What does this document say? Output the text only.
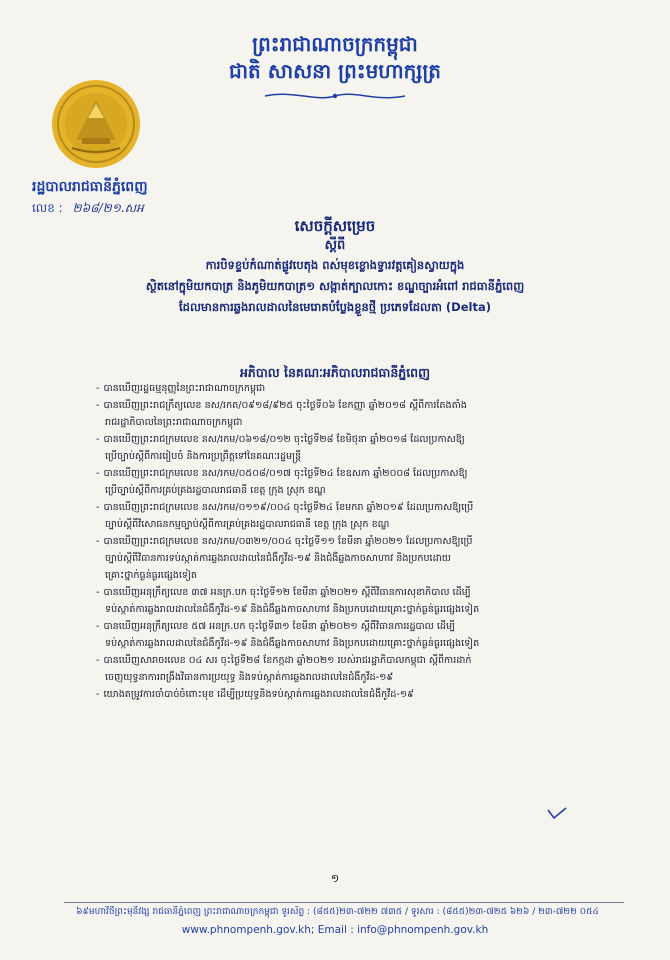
ព្រះរាជាណាចក្រកម្ពុជា
ជាតិ សាសនា ព្រះមហាក្សត្រ
រដ្ឋបាលរាជធានីភ្នំពេញ
លេខ : ២៦៨/២១.សអ
សេចក្ដីសម្រេច
ស្ដីពី
ការបិទខ្ទប់កំណាត់ផ្លូវបេតុង ពស់មុខខ្លោងទ្វារវត្តគៀនស្វាយក្នុង
ស្ថិតនៅក្នុមិយកបាត្រ និងភូមិយកបាត្រ១ សង្កាត់ក្បាលកោះ ខណ្ឌច្បារអំពៅ រាជធានីភ្នំពេញ
ដែលមានការឆ្លងរាលដាលនៃមេរោគបំប្លែងខ្លួនថ្មី ប្រភេទដែលតា (Delta)
អភិបាល នៃគណៈអភិបាលរាជធានីភ្នំពេញ
- បានឃើញរដ្ឋធម្មនុញ្ញនៃព្រះរាជាណាចក្រកម្ពុជា
- បានឃើញព្រះរាជក្រឹត្យលេខ នស/រកត/០៩១៨/៩២៥ ចុះថ្ងៃទី០៦ ខែកញ្ញា ឆ្នាំ២០១៨ ស្តីពីការតែងតាំង
រាជរដ្ឋាភិបាលនៃព្រះរាជាណាចក្រកម្ពុជា
- បានឃើញព្រះរាជក្រមលេខ នស/រកម/០៦១៨/០១២ ចុះថ្ងៃទី២៨ ខែមិថុនា ឆ្នាំ២០១៨ ដែលប្រកាសឱ្យ
ប្រើច្បាប់ស្តីពីការរៀបចំ និងការប្រព្រឹត្តទៅនៃគណៈរដ្ឋមន្ត្រី
- បានឃើញព្រះរាជក្រមលេខ នស/រកម/០៥០៨/០១៧ ចុះថ្ងៃទី២៤ ខែឧសភា ឆ្នាំ២០០៨ ដែលប្រកាសឱ្យ
ប្រើច្បាប់ស្តីពីការគ្រប់គ្រងរដ្ឋបាលរាជធានី ខេត្ត ក្រុង ស្រុក ខណ្ឌ
- បានឃើញព្រះរាជក្រមលេខ នស/រកម/០១១៩/០០៤ ចុះថ្ងៃទី២៤ ខែមករា ឆ្នាំ២០១៩ ដែលប្រកាសឱ្យប្រើ
ច្បាប់ស្តីពីវិសោធនកម្មច្បាប់ស្តីពីការគ្រប់គ្រងរដ្ឋបាលរាជធានី ខេត្ត ក្រុង ស្រុក ខណ្ឌ
- បានឃើញព្រះរាជក្រមលេខ នស/រកម/០៣២១/០០៤ ចុះថ្ងៃទី១១ ខែមីនា ឆ្នាំ២០២១ ដែលប្រកាសឱ្យប្រើ
ច្បាប់ស្តីពីវិធានការទប់ស្កាត់ការឆ្លងរាលដាលនៃជំងឺកូវីដ-១៩ និងជំងឺឆ្លងកាចសាហាវ និងប្រកបដោយ
គ្រោះថ្នាក់ធ្ងន់ធ្ងរផ្សេងទៀត
- បានឃើញអនុក្រឹត្យលេខ ៣៧ អនក្រ.បក ចុះថ្ងៃទី១២ ខែមីនា ឆ្នាំ២០២១ ស្តីពីវិធានការសុខាភិបាល ដើម្បី
ទប់ស្កាត់ការឆ្លងរាលដាលនៃជំងឺកូវីដ-១៩ និងជំងឺឆ្លងកាចសាហាវ និងប្រកបដោយគ្រោះថ្នាក់ធ្ងន់ធ្ងរផ្សេងទៀត
- បានឃើញអនុក្រឹត្យលេខ ៥៧ អនក្រ.បក ចុះថ្ងៃទី៣១ ខែមីនា ឆ្នាំ២០២១ ស្តីពីវិធានការរដ្ឋបាល ដើម្បី
ទប់ស្កាត់ការឆ្លងរាលដាលនៃជំងឺកូវីដ-១៩ និងជំងឺឆ្លងកាចសាហាវ និងប្រកបដោយគ្រោះថ្នាក់ធ្ងន់ធ្ងរផ្សេងទៀត
- បានឃើញសារាចរលេខ ០៤ សរ ចុះថ្ងៃទី២៨ ខែកក្កដា ឆ្នាំ២០២១ របស់រាជរដ្ឋាភិបាលកម្ពុជា ស្តីពីការដាក់
ចេញយុទ្ធនាការពង្រឹងវិធានការប្រយុទ្ធ និងទប់ស្កាត់ការឆ្លងរាលដាលនៃជំងឺកូវីដ-១៩
- យោងតម្រូវការចាំបាច់ចំពោះមុខ ដើម្បីប្រយុទ្ធនិងទប់ស្កាត់ការឆ្លងរាលដាលនៃជំងឺកូវីដ-១៩
១
៦៩មហាវិថីព្រះមុនីវង្ស រាជធានីភ្នំពេញ ព្រះរាជាណាចក្រកម្ពុជា ទូរស័ព្ទ : (៨៥៥)២៣-៧២២ ៧៣៥ / ទូរសារ : (៨៥៥)២៣-៧២៥ ៦២៦ / ២៣-៧២២ ០៥៤
www.phnompenh.gov.kh; Email : info@phnompenh.gov.kh
